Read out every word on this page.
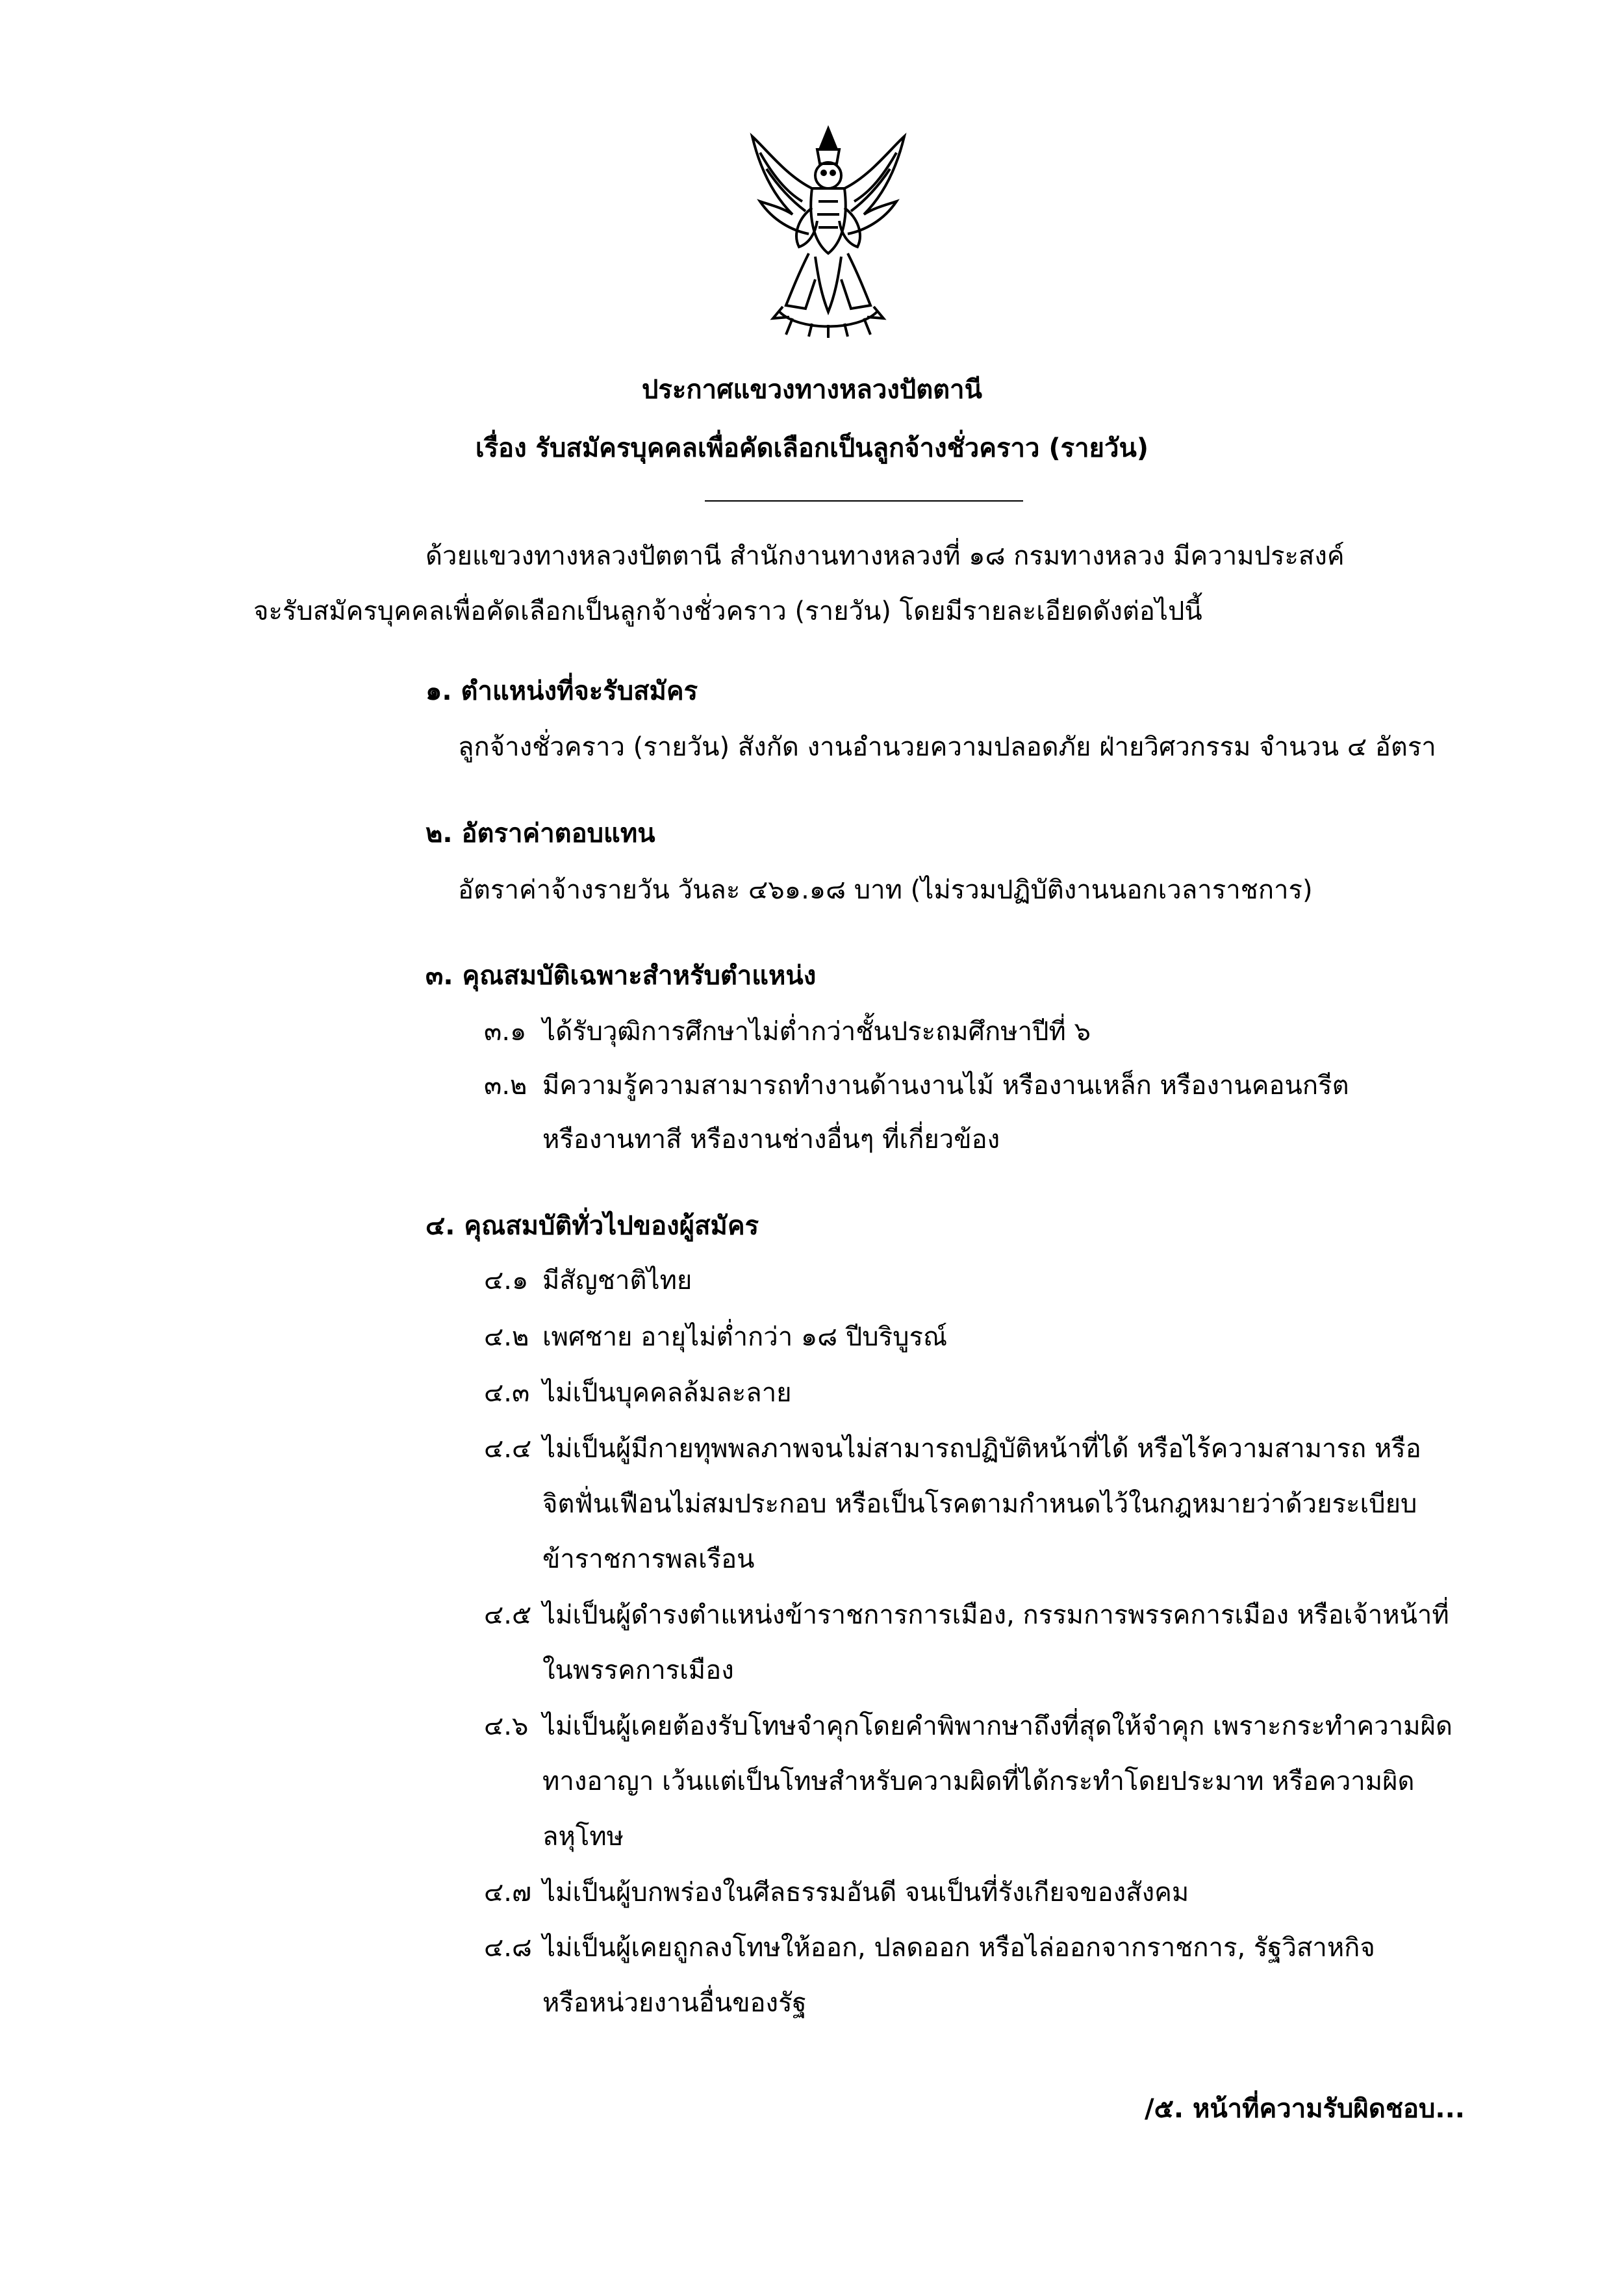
ประกาศแขวงทางหลวงปัตตานี
เรื่อง รับสมัครบุคคลเพื่อคัดเลือกเป็นลูกจ้างชั่วคราว (รายวัน)
ด้วยแขวงทางหลวงปัตตานี สำนักงานทางหลวงที่ ๑๘ กรมทางหลวง มีความประสงค์
จะรับสมัครบุคคลเพื่อคัดเลือกเป็นลูกจ้างชั่วคราว (รายวัน) โดยมีรายละเอียดดังต่อไปนี้
๑. ตำแหน่งที่จะรับสมัคร
ลูกจ้างชั่วคราว (รายวัน) สังกัด งานอำนวยความปลอดภัย ฝ่ายวิศวกรรม จำนวน ๔ อัตรา
๒. อัตราค่าตอบแทน
อัตราค่าจ้างรายวัน วันละ ๔๖๑.๑๘ บาท (ไม่รวมปฏิบัติงานนอกเวลาราชการ)
๓. คุณสมบัติเฉพาะสำหรับตำแหน่ง
๓.๑ ได้รับวุฒิการศึกษาไม่ต่ำกว่าชั้นประถมศึกษาปีที่ ๖
๓.๒ มีความรู้ความสามารถทำงานด้านงานไม้ หรืองานเหล็ก หรืองานคอนกรีต
หรืองานทาสี หรืองานช่างอื่นๆ ที่เกี่ยวข้อง
๔. คุณสมบัติทั่วไปของผู้สมัคร
๔.๑ มีสัญชาติไทย
๔.๒ เพศชาย อายุไม่ต่ำกว่า ๑๘ ปีบริบูรณ์
๔.๓ ไม่เป็นบุคคลล้มละลาย
๔.๔ ไม่เป็นผู้มีกายทุพพลภาพจนไม่สามารถปฏิบัติหน้าที่ได้ หรือไร้ความสามารถ หรือ
จิตฟั่นเฟือนไม่สมประกอบ หรือเป็นโรคตามกำหนดไว้ในกฎหมายว่าด้วยระเบียบ
ข้าราชการพลเรือน
๔.๕ ไม่เป็นผู้ดำรงตำแหน่งข้าราชการการเมือง, กรรมการพรรคการเมือง หรือเจ้าหน้าที่
ในพรรคการเมือง
๔.๖ ไม่เป็นผู้เคยต้องรับโทษจำคุกโดยคำพิพากษาถึงที่สุดให้จำคุก เพราะกระทำความผิด
ทางอาญา เว้นแต่เป็นโทษสำหรับความผิดที่ได้กระทำโดยประมาท หรือความผิด
ลหุโทษ
๔.๗ ไม่เป็นผู้บกพร่องในศีลธรรมอันดี จนเป็นที่รังเกียจของสังคม
๔.๘ ไม่เป็นผู้เคยถูกลงโทษให้ออก, ปลดออก หรือไล่ออกจากราชการ, รัฐวิสาหกิจ
หรือหน่วยงานอื่นของรัฐ
/๕. หน้าที่ความรับผิดชอบ...
